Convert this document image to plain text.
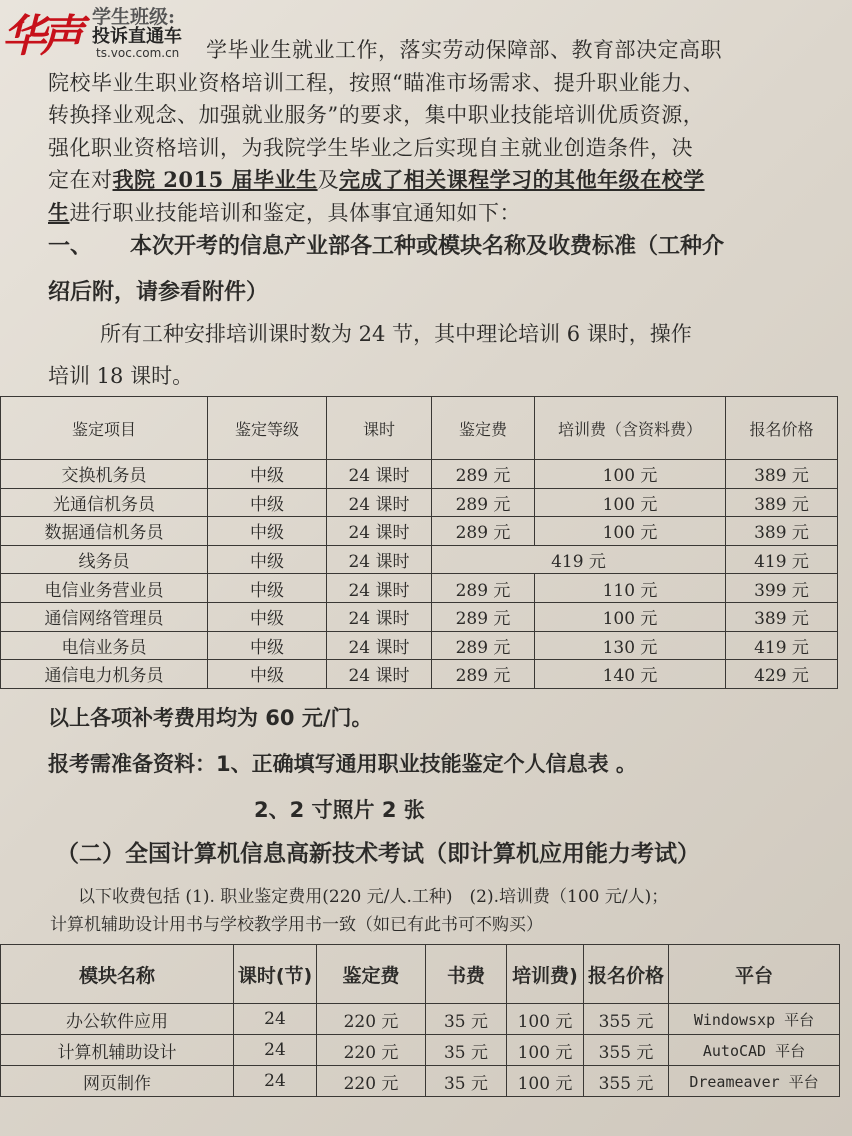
学生班级:
华声 投诉直通车
ts.voc.com.cn	学毕业生就业工作，落实劳动保障部、教育部决定高职

院校毕业生职业资格培训工程，按照“瞄准市场需求、提升职业能力、

转换择业观念、加强就业服务”的要求，集中职业技能培训优质资源，

强化职业资格培训，为我院学生毕业之后实现自主就业创造条件，决

定在对我院 2015 届毕业生及完成了相关课程学习的其他年级在校学

生进行职业技能培训和鉴定，具体事宜通知如下：

一、 本次开考的信息产业部各工种或模块名称及收费标准（工种介
绍后附，请参看附件）
所有工种安排培训课时数为 24 节，其中理论培训 6 课时，操作
培训 18 课时。
鉴定项目	鉴定等级	课时	鉴定费	培训费（含资料费）	报名价格
交换机务员	中级	24 课时	289 元	100 元	389 元
光通信机务员	中级	24 课时	289 元	100 元	389 元
数据通信机务员	中级	24 课时	289 元	100 元	389 元
线务员	中级	24 课时	419 元		419 元
电信业务营业员	中级	24 课时	289 元	110 元	399 元
通信网络管理员	中级	24 课时	289 元	100 元	389 元
电信业务员	中级	24 课时	289 元	130 元	419 元
通信电力机务员	中级	24 课时	289 元	140 元	429 元
以上各项补考费用均为 60 元/门。
报考需准备资料：1、正确填写通用职业技能鉴定个人信息表 。
2、2 寸照片 2 张
（二）全国计算机信息高新技术考试（即计算机应用能力考试）
以下收费包括 (1). 职业鉴定费用(220 元/人.工种)　(2).培训费（100 元/人)；
计算机辅助设计用书与学校教学用书一致（如已有此书可不购买）
模块名称	课时(节)	鉴定费	书费	培训费)	报名价格	平台
办公软件应用	24	220 元	35 元	100 元	355 元	Windowsxp 平台
计算机辅助设计	24	220 元	35 元	100 元	355 元	AutoCAD 平台
网页制作	24	220 元	35 元	100 元	355 元	Dreameaver 平台
